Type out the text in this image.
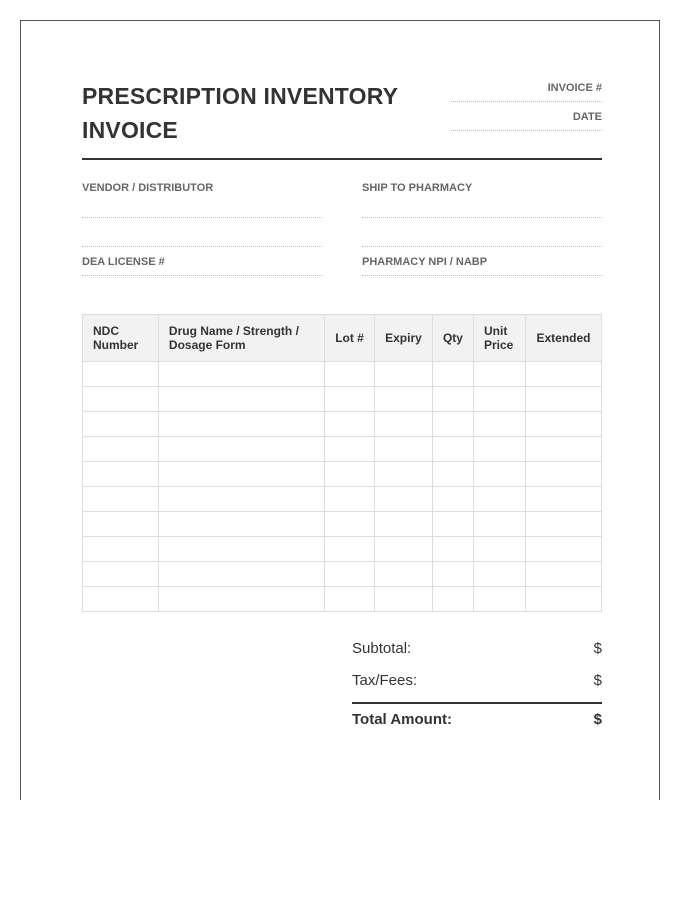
PRESCRIPTION INVENTORY
INVOICE
INVOICE #
DATE
VENDOR / DISTRIBUTOR	SHIP TO PHARMACY
DEA LICENSE #	PHARMACY NPI / NABP
NDC Number	Drug Name / Strength / Dosage Form	Lot #	Expiry	Qty	Unit Price	Extended

Subtotal:	$
Tax/Fees:	$
Total Amount:	$
